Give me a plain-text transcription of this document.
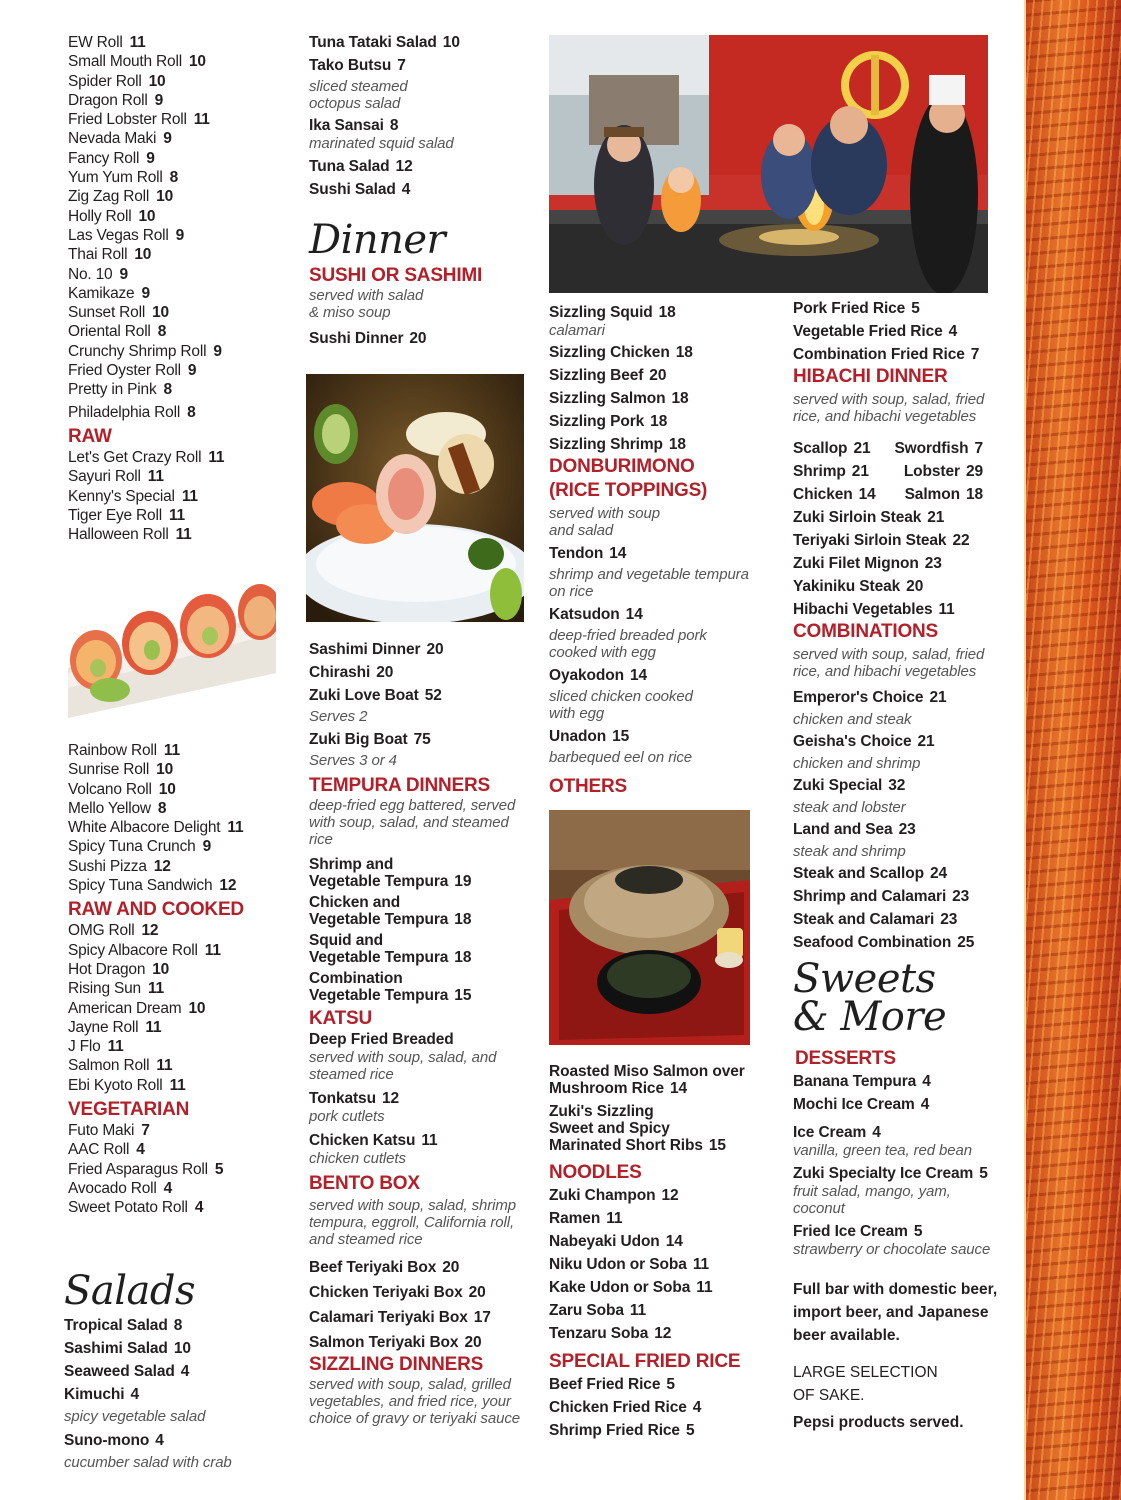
EW Roll 11
Small Mouth Roll 10
Spider Roll 10
Dragon Roll 9
Fried Lobster Roll 11
Nevada Maki 9
Fancy Roll 9
Yum Yum Roll 8
Zig Zag Roll 10
Holly Roll 10
Las Vegas Roll 9
Thai Roll 10
No. 10 9
Kamikaze 9
Sunset Roll 10
Oriental Roll 8
Crunchy Shrimp Roll 9
Fried Oyster Roll 9
Pretty in Pink 8
Philadelphia Roll 8
RAW
Let's Get Crazy Roll 11
Sayuri Roll 11
Kenny's Special 11
Tiger Eye Roll 11
Halloween Roll 11
Rainbow Roll 11
Sunrise Roll 10
Volcano Roll 10
Mello Yellow 8
White Albacore Delight 11
Spicy Tuna Crunch 9
Sushi Pizza 12
Spicy Tuna Sandwich 12
RAW AND COOKED
OMG Roll 12
Spicy Albacore Roll 11
Hot Dragon 10
Rising Sun 11
American Dream 10
Jayne Roll 11
J Flo 11
Salmon Roll 11
Ebi Kyoto Roll 11
VEGETARIAN
Futo Maki 7
AAC Roll 4
Fried Asparagus Roll 5
Avocado Roll 4
Sweet Potato Roll 4
Salads
Tropical Salad 8
Sashimi Salad 10
Seaweed Salad 4
Kimuchi 4
spicy vegetable salad
Suno-mono 4
cucumber salad with crab
Tuna Tataki Salad 10
Tako Butsu 7
sliced steamed
octopus salad
Ika Sansai 8
marinated squid salad
Tuna Salad 12
Sushi Salad 4
Dinner
SUSHI OR SASHIMI
served with salad
& miso soup
Sushi Dinner 20
Sashimi Dinner 20
Chirashi 20
Zuki Love Boat 52
Serves 2
Zuki Big Boat 75
Serves 3 or 4
TEMPURA DINNERS
deep-fried egg battered, served
with soup, salad, and steamed
rice
Shrimp and
Vegetable Tempura 19
Chicken and
Vegetable Tempura 18
Squid and
Vegetable Tempura 18
Combination
Vegetable Tempura 15
KATSU
Deep Fried Breaded
served with soup, salad, and
steamed rice
Tonkatsu 12
pork cutlets
Chicken Katsu 11
chicken cutlets
BENTO BOX
served with soup, salad, shrimp
tempura, eggroll, California roll,
and steamed rice
Beef Teriyaki Box 20
Chicken Teriyaki Box 20
Calamari Teriyaki Box 17
Salmon Teriyaki Box 20
SIZZLING DINNERS
served with soup, salad, grilled
vegetables, and fried rice, your
choice of gravy or teriyaki sauce
Sizzling Squid 18
calamari
Sizzling Chicken 18
Sizzling Beef 20
Sizzling Salmon 18
Sizzling Pork 18
Sizzling Shrimp 18
DONBURIMONO
(RICE TOPPINGS)
served with soup
and salad
Tendon 14
shrimp and vegetable tempura
on rice
Katsudon 14
deep-fried breaded pork
cooked with egg
Oyakodon 14
sliced chicken cooked
with egg
Unadon 15
barbequed eel on rice
OTHERS
Roasted Miso Salmon over
Mushroom Rice 14
Zuki's Sizzling
Sweet and Spicy
Marinated Short Ribs 15
NOODLES
Zuki Champon 12
Ramen 11
Nabeyaki Udon 14
Niku Udon or Soba 11
Kake Udon or Soba 11
Zaru Soba 11
Tenzaru Soba 12
SPECIAL FRIED RICE
Beef Fried Rice 5
Chicken Fried Rice 4
Shrimp Fried Rice 5
Pork Fried Rice 5
Vegetable Fried Rice 4
Combination Fried Rice 7
HIBACHI DINNER
served with soup, salad, fried
rice, and hibachi vegetables
Scallop 21 Swordfish 7
Shrimp 21 Lobster 29
Chicken 14 Salmon 18
Zuki Sirloin Steak 21
Teriyaki Sirloin Steak 22
Zuki Filet Mignon 23
Yakiniku Steak 20
Hibachi Vegetables 11
COMBINATIONS
served with soup, salad, fried
rice, and hibachi vegetables
Emperor's Choice 21
chicken and steak
Geisha's Choice 21
chicken and shrimp
Zuki Special 32
steak and lobster
Land and Sea 23
steak and shrimp
Steak and Scallop 24
Shrimp and Calamari 23
Steak and Calamari 23
Seafood Combination 25
Sweets
& More
DESSERTS
Banana Tempura 4
Mochi Ice Cream 4
Ice Cream 4
vanilla, green tea, red bean
Zuki Specialty Ice Cream 5
fruit salad, mango, yam,
coconut
Fried Ice Cream 5
strawberry or chocolate sauce
Full bar with domestic beer,
import beer, and Japanese
beer available.
LARGE SELECTION
OF SAKE.
Pepsi products served.
